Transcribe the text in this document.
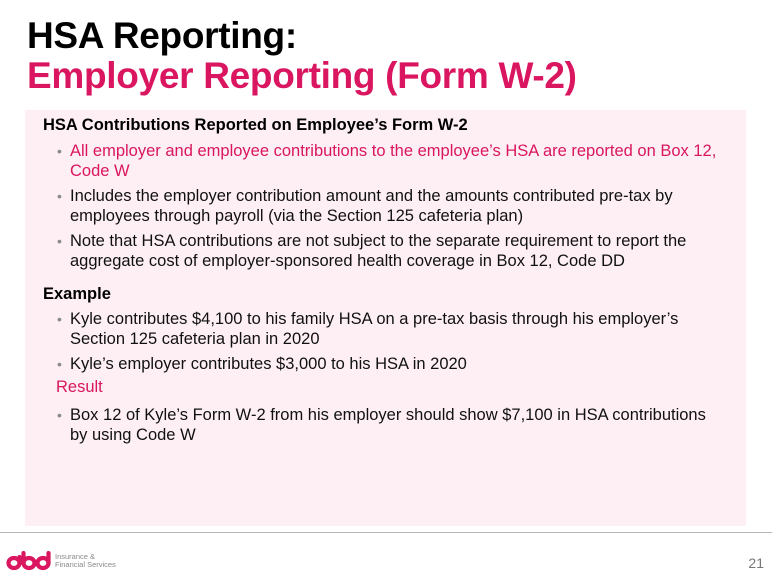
HSA Reporting:
Employer Reporting (Form W-2)
HSA Contributions Reported on Employee’s Form W-2
• All employer and employee contributions to the employee’s HSA are reported on Box 12, Code W
• Includes the employer contribution amount and the amounts contributed pre-tax by employees through payroll (via the Section 125 cafeteria plan)
• Note that HSA contributions are not subject to the separate requirement to report the aggregate cost of employer-sponsored health coverage in Box 12, Code DD
Example
• Kyle contributes $4,100 to his family HSA on a pre-tax basis through his employer’s Section 125 cafeteria plan in 2020
• Kyle’s employer contributes $3,000 to his HSA in 2020
Result
• Box 12 of Kyle’s Form W-2 from his employer should show $7,100 in HSA contributions by using Code W
Insurance &
Financial Services	21
